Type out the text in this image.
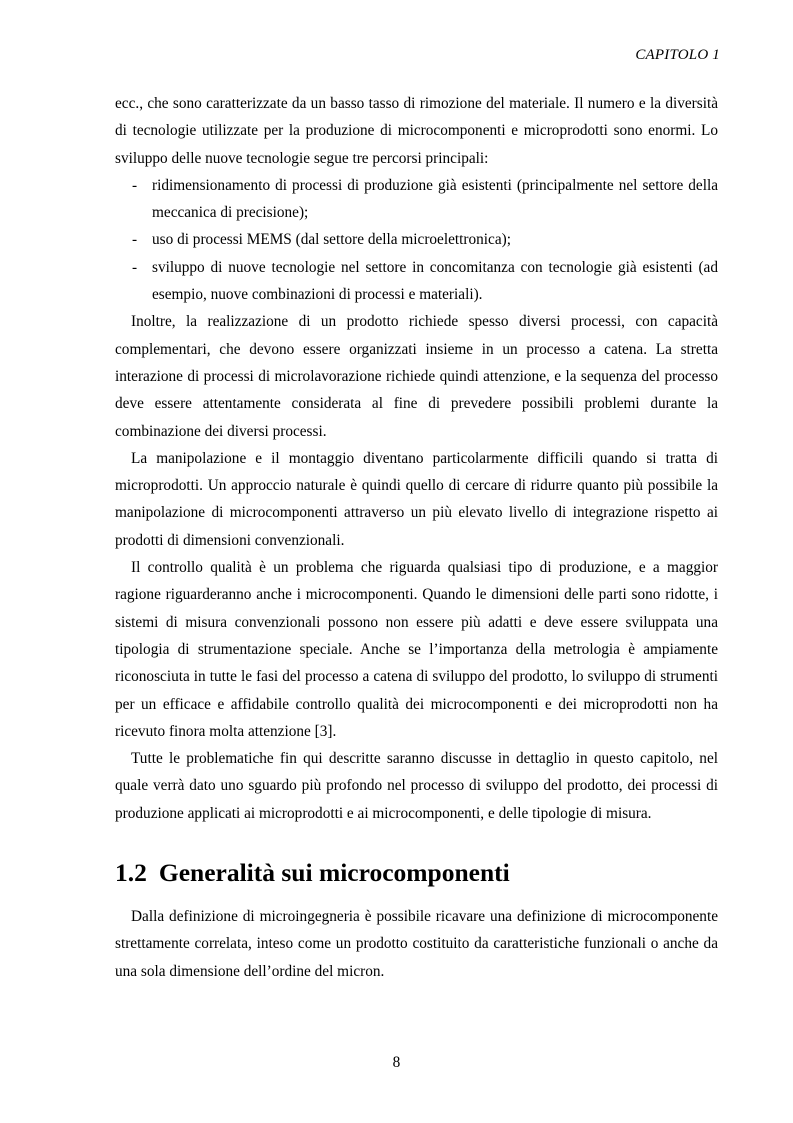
CAPITOLO 1

ecc., che sono caratterizzate da un basso tasso di rimozione del materiale. Il numero e la diversità di tecnologie utilizzate per la produzione di microcomponenti e microprodotti sono enormi. Lo sviluppo delle nuove tecnologie segue tre percorsi principali:

- ridimensionamento di processi di produzione già esistenti (principalmente nel settore della meccanica di precisione);
- uso di processi MEMS (dal settore della microelettronica);
- sviluppo di nuove tecnologie nel settore in concomitanza con tecnologie già esistenti (ad esempio, nuove combinazioni di processi e materiali).

Inoltre, la realizzazione di un prodotto richiede spesso diversi processi, con capacità complementari, che devono essere organizzati insieme in un processo a catena. La stretta interazione di processi di microlavorazione richiede quindi attenzione, e la sequenza del processo deve essere attentamente considerata al fine di prevedere possibili problemi durante la combinazione dei diversi processi.

La manipolazione e il montaggio diventano particolarmente difficili quando si tratta di microprodotti. Un approccio naturale è quindi quello di cercare di ridurre quanto più possibile la manipolazione di microcomponenti attraverso un più elevato livello di integrazione rispetto ai prodotti di dimensioni convenzionali.

Il controllo qualità è un problema che riguarda qualsiasi tipo di produzione, e a maggior ragione riguarderanno anche i microcomponenti. Quando le dimensioni delle parti sono ridotte, i sistemi di misura convenzionali possono non essere più adatti e deve essere sviluppata una tipologia di strumentazione speciale. Anche se l’importanza della metrologia è ampiamente riconosciuta in tutte le fasi del processo a catena di sviluppo del prodotto, lo sviluppo di strumenti per un efficace e affidabile controllo qualità dei microcomponenti e dei microprodotti non ha ricevuto finora molta attenzione [3].

Tutte le problematiche fin qui descritte saranno discusse in dettaglio in questo capitolo, nel quale verrà dato uno sguardo più profondo nel processo di sviluppo del prodotto, dei processi di produzione applicati ai microprodotti e ai microcomponenti, e delle tipologie di misura.

1.2 Generalità sui microcomponenti

Dalla definizione di microingegneria è possibile ricavare una definizione di microcomponente strettamente correlata, inteso come un prodotto costituito da caratteristiche funzionali o anche da una sola dimensione dell’ordine del micron.

8
